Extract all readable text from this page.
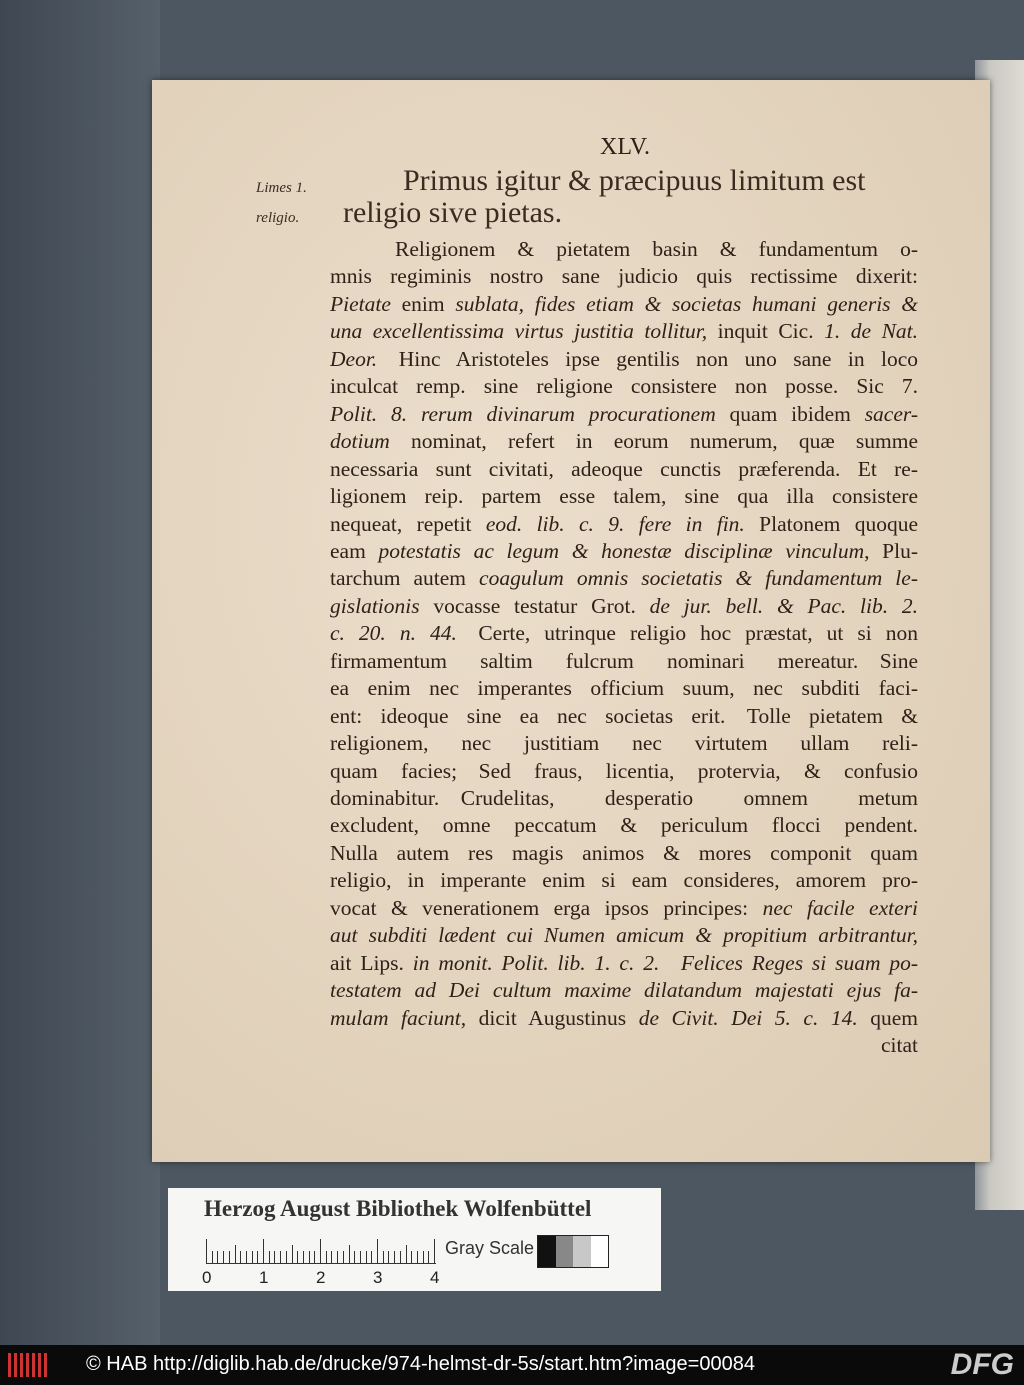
XLV.
Limes 1.
religio.
Primus igitur & præcipuus limitum est
religio sive pietas.
Religionem & pietatem basin & fundamentum o-
mnis regiminis nostro sane judicio quis rectissime dixerit:
Pietate enim sublata, fides etiam & societas humani generis &
una excellentissima virtus justitia tollitur, inquit Cic. 1. de Nat.
Deor. Hinc Aristoteles ipse gentilis non uno sane in loco
inculcat remp. sine religione consistere non posse. Sic 7.
Polit. 8. rerum divinarum procurationem quam ibidem sacer-
dotium nominat, refert in eorum numerum, quæ summe
necessaria sunt civitati, adeoque cunctis præferenda. Et re-
ligionem reip. partem esse talem, sine qua illa consistere
nequeat, repetit eod. lib. c. 9. fere in fin. Platonem quoque
eam potestatis ac legum & honestæ disciplinæ vinculum, Plu-
tarchum autem coagulum omnis societatis & fundamentum le-
gislationis vocasse testatur Grot. de jur. bell. & Pac. lib. 2.
c. 20. n. 44. Certe, utrinque religio hoc præstat, ut si non
firmamentum saltim fulcrum nominari mereatur. Sine
ea enim nec imperantes officium suum, nec subditi faci-
ent: ideoque sine ea nec societas erit. Tolle pietatem &
religionem, nec justitiam nec virtutem ullam reli-
quam facies; Sed fraus, licentia, protervia, & confusio
dominabitur. Crudelitas, desperatio omnem metum
excludent, omne peccatum & periculum flocci pendent.
Nulla autem res magis animos & mores componit quam
religio, in imperante enim si eam consideres, amorem pro-
vocat & venerationem erga ipsos principes: nec facile exteri
aut subditi lædent cui Numen amicum & propitium arbitrantur,
ait Lips. in monit. Polit. lib. 1. c. 2.  Felices Reges si suam po-
testatem ad Dei cultum maxime dilatandum majestati ejus fa-
mulam faciunt, dicit Augustinus de Civit. Dei 5. c. 14. quem
citat
Herzog August Bibliothek Wolfenbüttel
0	1	2	3	4
Gray Scale
© HAB http://diglib.hab.de/drucke/974-helmst-dr-5s/start.htm?image=00084	DFG
